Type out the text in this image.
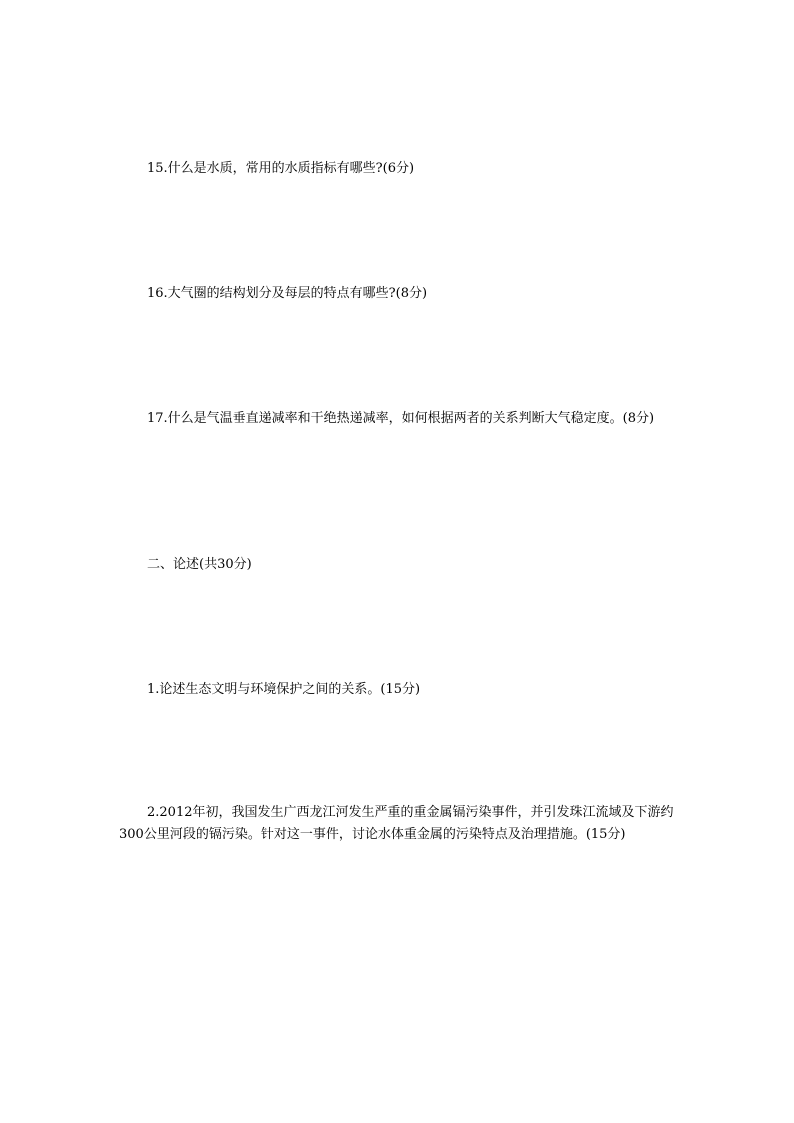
15.什么是水质，常用的水质指标有哪些?(6分)

16.大气圈的结构划分及每层的特点有哪些?(8分)

17.什么是气温垂直递减率和干绝热递减率，如何根据两者的关系判断大气稳定度。(8分)

二、论述(共30分)

1.论述生态文明与环境保护之间的关系。(15分)

2.2012年初，我国发生广西龙江河发生严重的重金属镉污染事件，并引发珠江流域及下游约300公里河段的镉污染。针对这一事件，讨论水体重金属的污染特点及治理措施。(15分)
